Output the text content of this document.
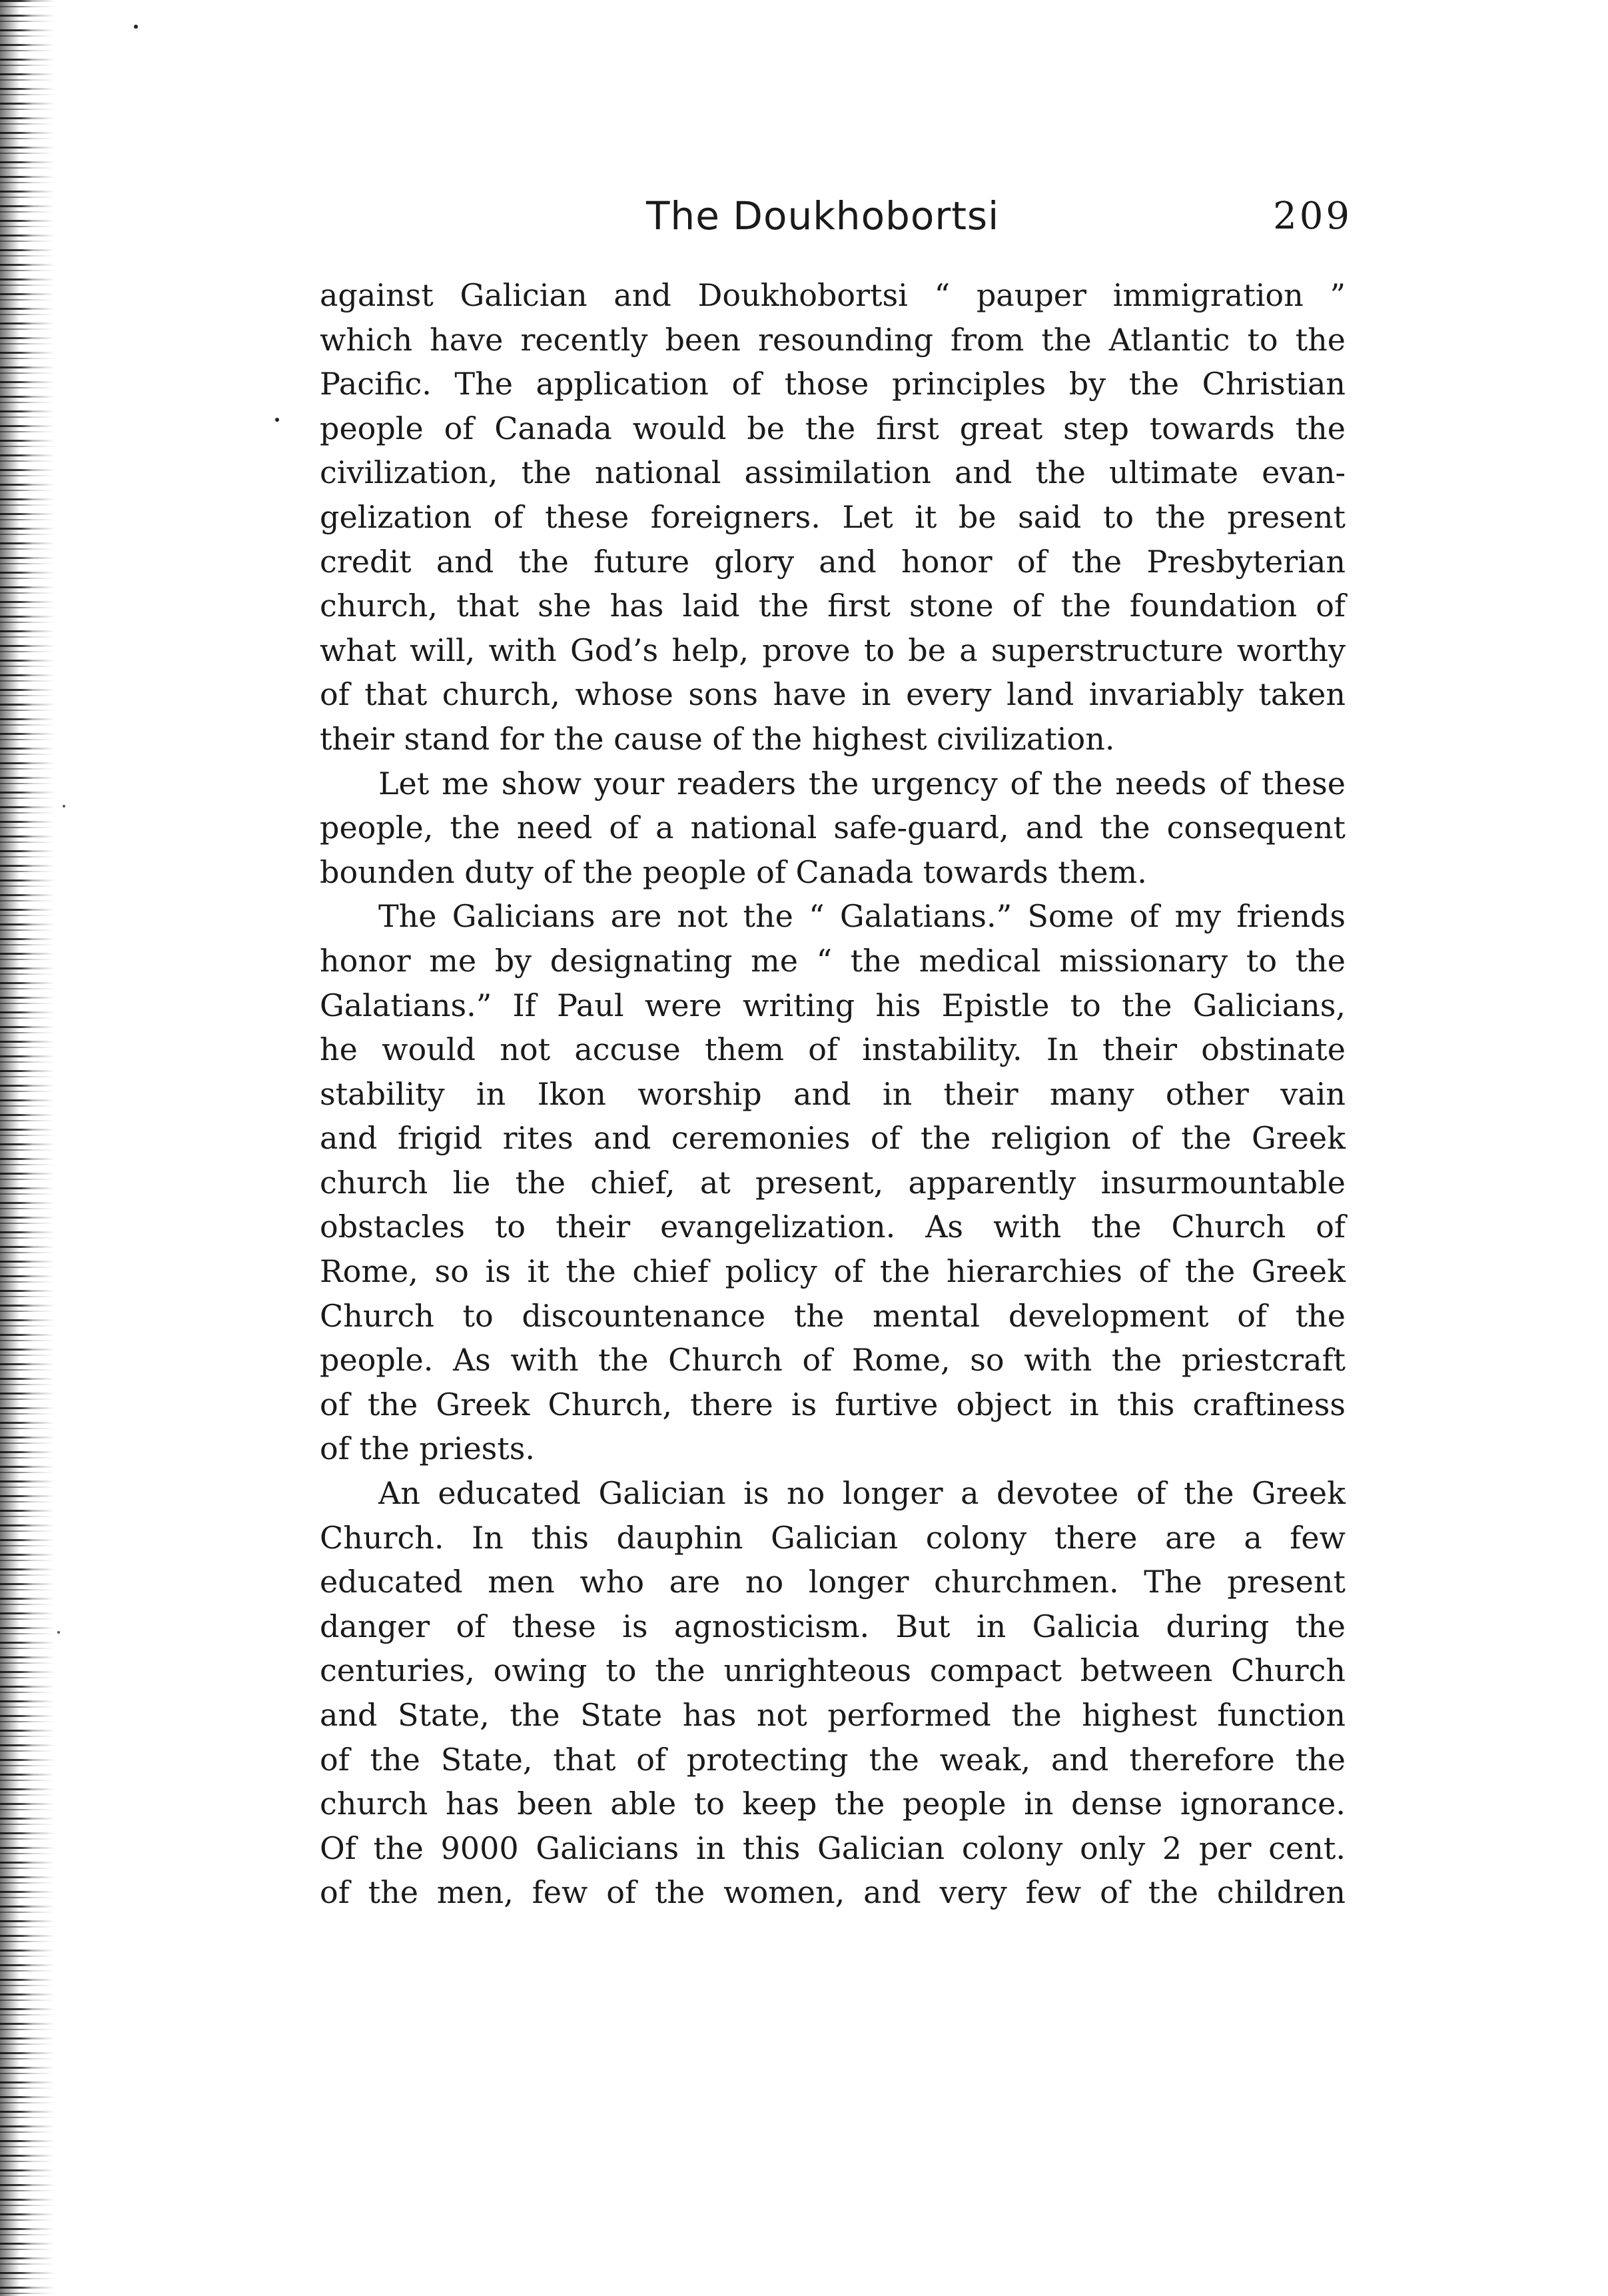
The Doukhobortsi	209
against Galician and Doukhobortsi “ pauper immigration ”
which have recently been resounding from the Atlantic to the
Pacific. The application of those principles by the Christian
people of Canada would be the first great step towards the
civilization, the national assimilation and the ultimate evan-
gelization of these foreigners. Let it be said to the present
credit and the future glory and honor of the Presbyterian
church, that she has laid the first stone of the foundation of
what will, with God’s help, prove to be a superstructure worthy
of that church, whose sons have in every land invariably taken
their stand for the cause of the highest civilization.
Let me show your readers the urgency of the needs of these
people, the need of a national safe-guard, and the consequent
bounden duty of the people of Canada towards them.
The Galicians are not the “ Galatians.” Some of my friends
honor me by designating me “ the medical missionary to the
Galatians.” If Paul were writing his Epistle to the Galicians,
he would not accuse them of instability. In their obstinate
stability in Ikon worship and in their many other vain
and frigid rites and ceremonies of the religion of the Greek
church lie the chief, at present, apparently insurmountable
obstacles to their evangelization. As with the Church of
Rome, so is it the chief policy of the hierarchies of the Greek
Church to discountenance the mental development of the
people. As with the Church of Rome, so with the priestcraft
of the Greek Church, there is furtive object in this craftiness
of the priests.
An educated Galician is no longer a devotee of the Greek
Church. In this dauphin Galician colony there are a few
educated men who are no longer churchmen. The present
danger of these is agnosticism. But in Galicia during the
centuries, owing to the unrighteous compact between Church
and State, the State has not performed the highest function
of the State, that of protecting the weak, and therefore the
church has been able to keep the people in dense ignorance.
Of the 9000 Galicians in this Galician colony only 2 per cent.
of the men, few of the women, and very few of the children
